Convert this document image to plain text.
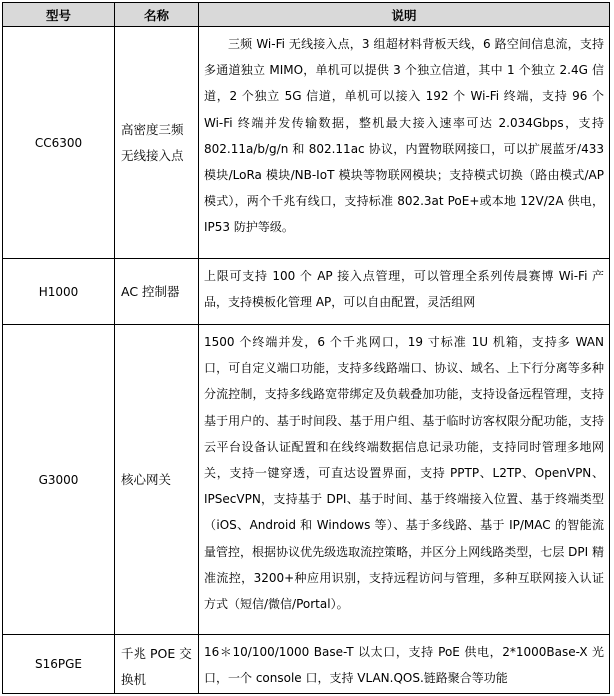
型号	名称	说明
CC6300	高密度三频无线接入点	三频 Wi-Fi 无线接入点，3 组超材料背板天线，6 路空间信息流，支持多通道独立 MIMO，单机可以提供 3 个独立信道，其中 1 个独立 2.4G 信道，2 个独立 5G 信道，单机可以接入 192 个 Wi-Fi 终端，支持 96 个 Wi-Fi 终端并发传输数据，整机最大接入速率可达 2.034Gbps，支持 802.11a/b/g/n 和 802.11ac 协议，内置物联网接口，可以扩展蓝牙/433 模块/LoRa 模块/NB-IoT 模块等物联网模块；支持模式切换（路由模式/AP 模式），两个千兆有线口，支持标准 802.3at PoE+或本地 12V/2A 供电，IP53 防护等级。
H1000	AC 控制器	上限可支持 100 个 AP 接入点管理，可以管理全系列传晨赛博 Wi-Fi 产品，支持模板化管理 AP，可以自由配置，灵活组网
G3000	核心网关	1500 个终端并发，6 个千兆网口，19 寸标准 1U 机箱，支持多 WAN 口，可自定义端口功能，支持多线路端口、协议、域名、上下行分离等多种分流控制，支持多线路宽带绑定及负载叠加功能，支持设备远程管理，支持基于用户的、基于时间段、基于用户组、基于临时访客权限分配功能，支持云平台设备认证配置和在线终端数据信息记录功能，支持同时管理多地网关，支持一键穿透，可直达设置界面，支持 PPTP、L2TP、OpenVPN、IPSecVPN，支持基于 DPI、基于时间、基于终端接入位置、基于终端类型（iOS、Android 和 Windows 等）、基于多线路、基于 IP/MAC 的智能流量管控，根据协议优先级选取流控策略，并区分上网线路类型，七层 DPI 精准流控，3200+种应用识别，支持远程访问与管理，多种互联网接入认证方式（短信/微信/Portal）。
S16PGE	千兆 POE 交换机	16＊10/100/1000 Base-T 以太口，支持 PoE 供电，2*1000Base-X 光口，一个 console 口，支持 VLAN.QOS.链路聚合等功能
